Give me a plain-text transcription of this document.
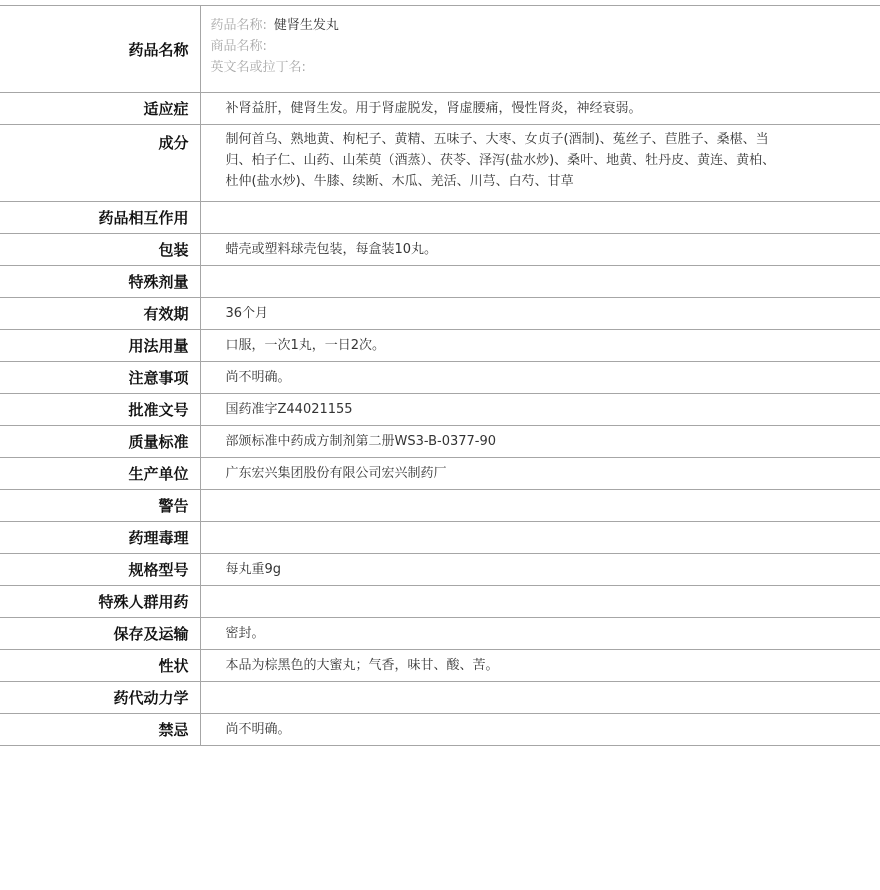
药品名称	药品名称: 健肾生发丸
商品名称:
英文名或拉丁名:

适应症	补肾益肝，健肾生发。用于肾虚脱发，肾虚腰痛，慢性肾炎，神经衰弱。
成分	制何首乌、熟地黄、枸杞子、黄精、五味子、大枣、女贞子(酒制)、菟丝子、苣胜子、桑椹、当归、柏子仁、山药、山茱萸（酒蒸）、茯苓、泽泻(盐水炒)、桑叶、地黄、牡丹皮、黄连、黄柏、杜仲(盐水炒)、牛膝、续断、木瓜、羌活、川芎、白芍、甘草
药品相互作用	
包装	蜡壳或塑料球壳包装，每盒装10丸。
特殊剂量	
有效期	36个月
用法用量	口服，一次1丸，一日2次。
注意事项	尚不明确。
批准文号	国药准字Z44021155
质量标准	部颁标准中药成方制剂第二册WS3-B-0377-90
生产单位	广东宏兴集团股份有限公司宏兴制药厂
警告	
药理毒理	
规格型号	每丸重9g
特殊人群用药	
保存及运输	密封。
性状	本品为棕黑色的大蜜丸；气香，味甘、酸、苦。
药代动力学	
禁忌	尚不明确。
